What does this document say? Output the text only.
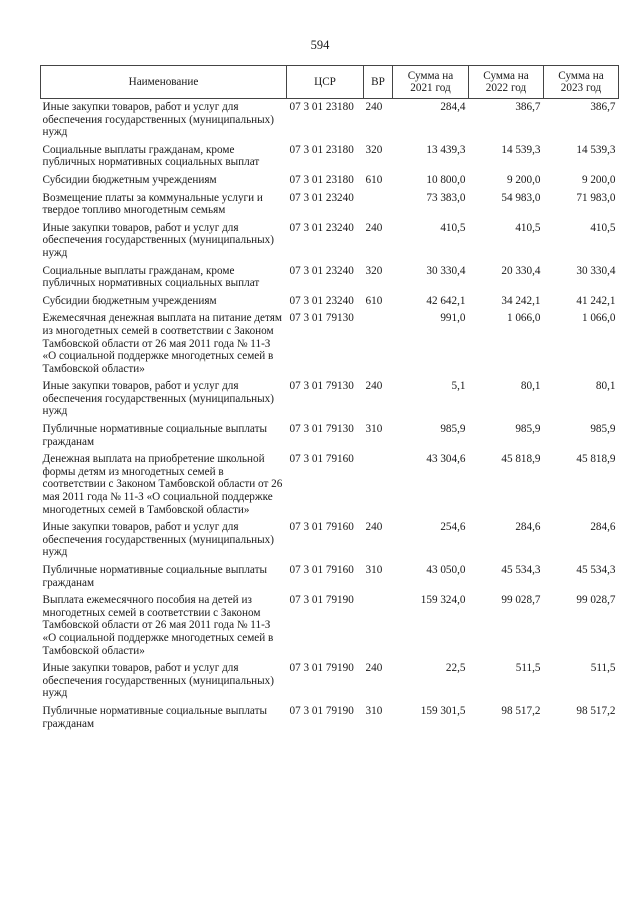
594
Наименование	ЦСР	ВР	Сумма на 2021 год	Сумма на 2022 год	Сумма на 2023 год
Иные закупки товаров, работ и услуг для обеспечения государственных (муниципальных) нужд	07 3 01 23180	240	284,4	386,7	386,7
Социальные выплаты гражданам, кроме публичных нормативных социальных выплат	07 3 01 23180	320	13 439,3	14 539,3	14 539,3
Субсидии бюджетным учреждениям	07 3 01 23180	610	10 800,0	9 200,0	9 200,0
Возмещение платы за коммунальные услуги и твердое топливо многодетным семьям	07 3 01 23240		73 383,0	54 983,0	71 983,0
Иные закупки товаров, работ и услуг для обеспечения государственных (муниципальных) нужд	07 3 01 23240	240	410,5	410,5	410,5
Социальные выплаты гражданам, кроме публичных нормативных социальных выплат	07 3 01 23240	320	30 330,4	20 330,4	30 330,4
Субсидии бюджетным учреждениям	07 3 01 23240	610	42 642,1	34 242,1	41 242,1
Ежемесячная денежная выплата на питание детям из многодетных семей в соответствии с Законом Тамбовской области от 26 мая 2011 года № 11-З «О социальной поддержке многодетных семей в Тамбовской области»	07 3 01 79130		991,0	1 066,0	1 066,0
Иные закупки товаров, работ и услуг для обеспечения государственных (муниципальных) нужд	07 3 01 79130	240	5,1	80,1	80,1
Публичные нормативные социальные выплаты гражданам	07 3 01 79130	310	985,9	985,9	985,9
Денежная выплата на приобретение школьной формы детям из многодетных семей в соответствии с Законом Тамбовской области от 26 мая 2011 года № 11-З «О социальной поддержке многодетных семей в Тамбовской области»	07 3 01 79160		43 304,6	45 818,9	45 818,9
Иные закупки товаров, работ и услуг для обеспечения государственных (муниципальных) нужд	07 3 01 79160	240	254,6	284,6	284,6
Публичные нормативные социальные выплаты гражданам	07 3 01 79160	310	43 050,0	45 534,3	45 534,3
Выплата ежемесячного пособия на детей из многодетных семей в соответствии с Законом Тамбовской области от 26 мая 2011 года № 11-З «О социальной поддержке многодетных семей в Тамбовской области»	07 3 01 79190		159 324,0	99 028,7	99 028,7
Иные закупки товаров, работ и услуг для обеспечения государственных (муниципальных) нужд	07 3 01 79190	240	22,5	511,5	511,5
Публичные нормативные социальные выплаты гражданам	07 3 01 79190	310	159 301,5	98 517,2	98 517,2
